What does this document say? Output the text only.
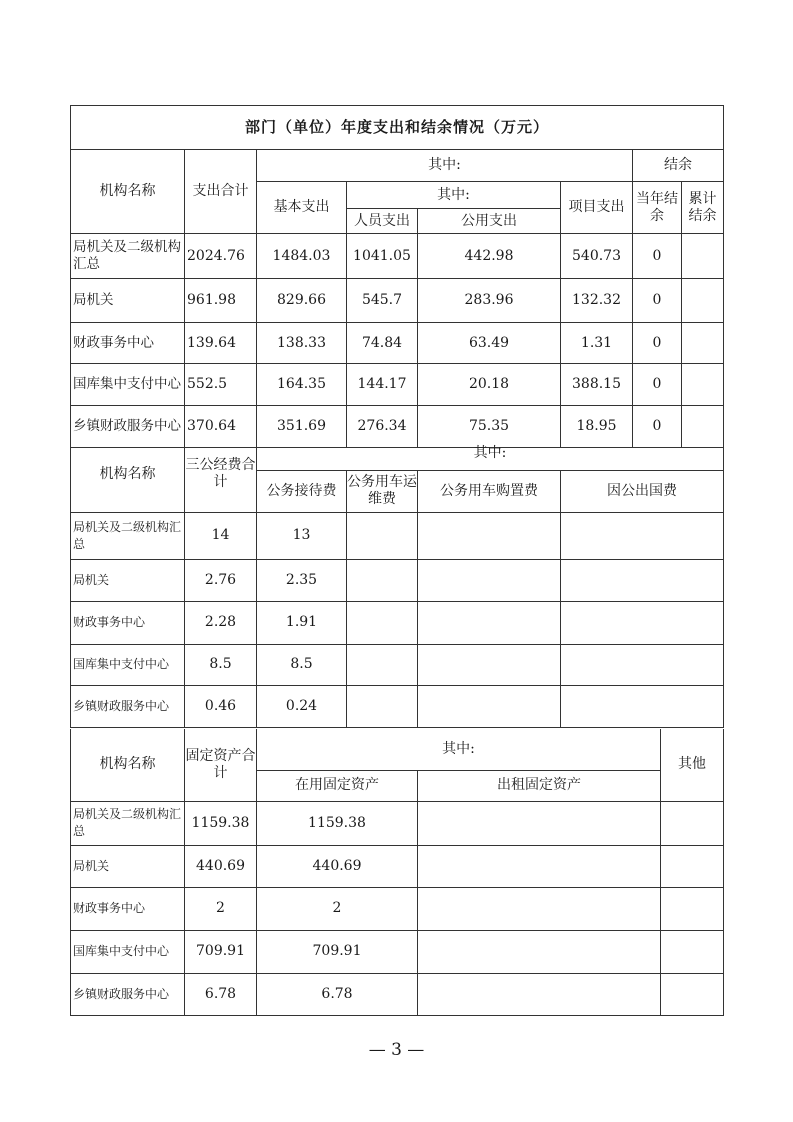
部门（单位）年度支出和结余情况（万元）							
机构名称	支出合计	其中:				结余	
		基本支出	其中:		项目支出	当年结余	累计结余
			人员支出	公用支出			
局机关及二级机构汇总	2024.76	1484.03	1041.05	442.98	540.73	0	
局机关	961.98	829.66	545.7	283.96	132.32	0	
财政事务中心	139.64	138.33	74.84	63.49	1.31	0	
国库集中支付中心	552.5	164.35	144.17	20.18	388.15	0	
乡镇财政服务中心	370.64	351.69	276.34	75.35	18.95	0	
机构名称	三公经费合计	其中:			
		公务接待费	公务用车运维费	公务用车购置费	因公出国费
局机关及二级机构汇总	14	13			
局机关	2.76	2.35			
财政事务中心	2.28	1.91			
国库集中支付中心	8.5	8.5			
乡镇财政服务中心	0.46	0.24			
机构名称	固定资产合计	其中:		其他
		在用固定资产	出租固定资产	
局机关及二级机构汇总	1159.38	1159.38		
局机关	440.69	440.69		
财政事务中心	2	2		
国库集中支付中心	709.91	709.91		
乡镇财政服务中心	6.78	6.78		
— 3 —
